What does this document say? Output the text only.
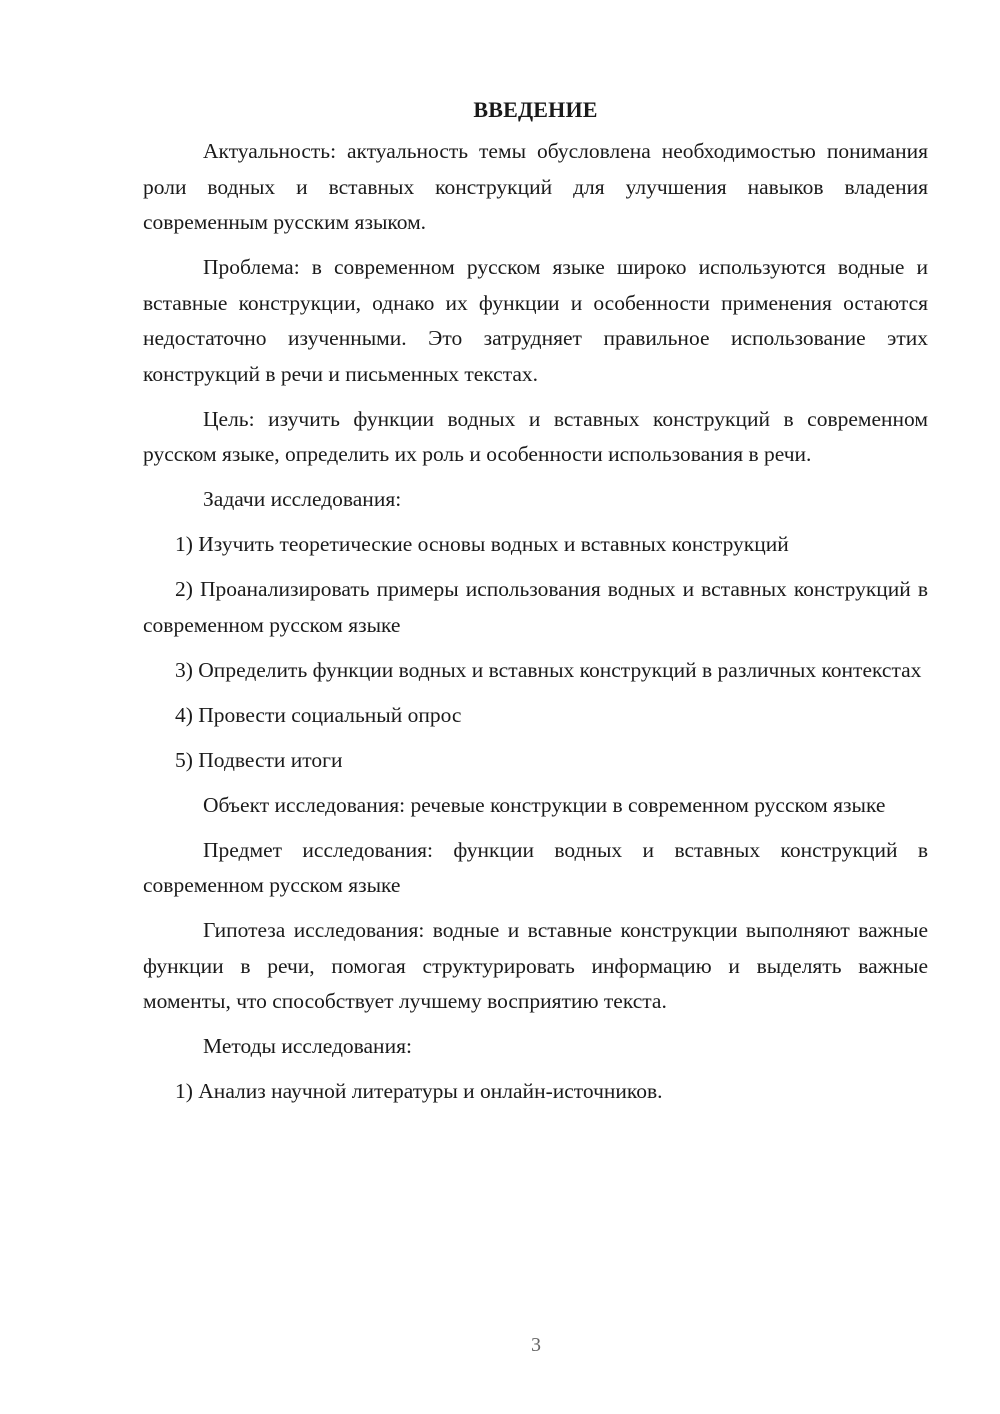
ВВЕДЕНИЕ

Актуальность: актуальность темы обусловлена необходимостью понимания роли водных и вставных конструкций для улучшения навыков владения современным русским языком.

Проблема: в современном русском языке широко используются водные и вставные конструкции, однако их функции и особенности применения остаются недостаточно изученными. Это затрудняет правильное использование этих конструкций в речи и письменных текстах.

Цель: изучить функции водных и вставных конструкций в современном русском языке, определить их роль и особенности использования в речи.

Задачи исследования:

1) Изучить теоретические основы водных и вставных конструкций

2) Проанализировать примеры использования водных и вставных конструкций в современном русском языке

3) Определить функции водных и вставных конструкций в различных контекстах

4) Провести социальный опрос

5) Подвести итоги

Объект исследования: речевые конструкции в современном русском языке

Предмет исследования: функции водных и вставных конструкций в современном русском языке

Гипотеза исследования: водные и вставные конструкции выполняют важные функции в речи, помогая структурировать информацию и выделять важные моменты, что способствует лучшему восприятию текста.

Методы исследования:

1) Анализ научной литературы и онлайн-источников.

3
